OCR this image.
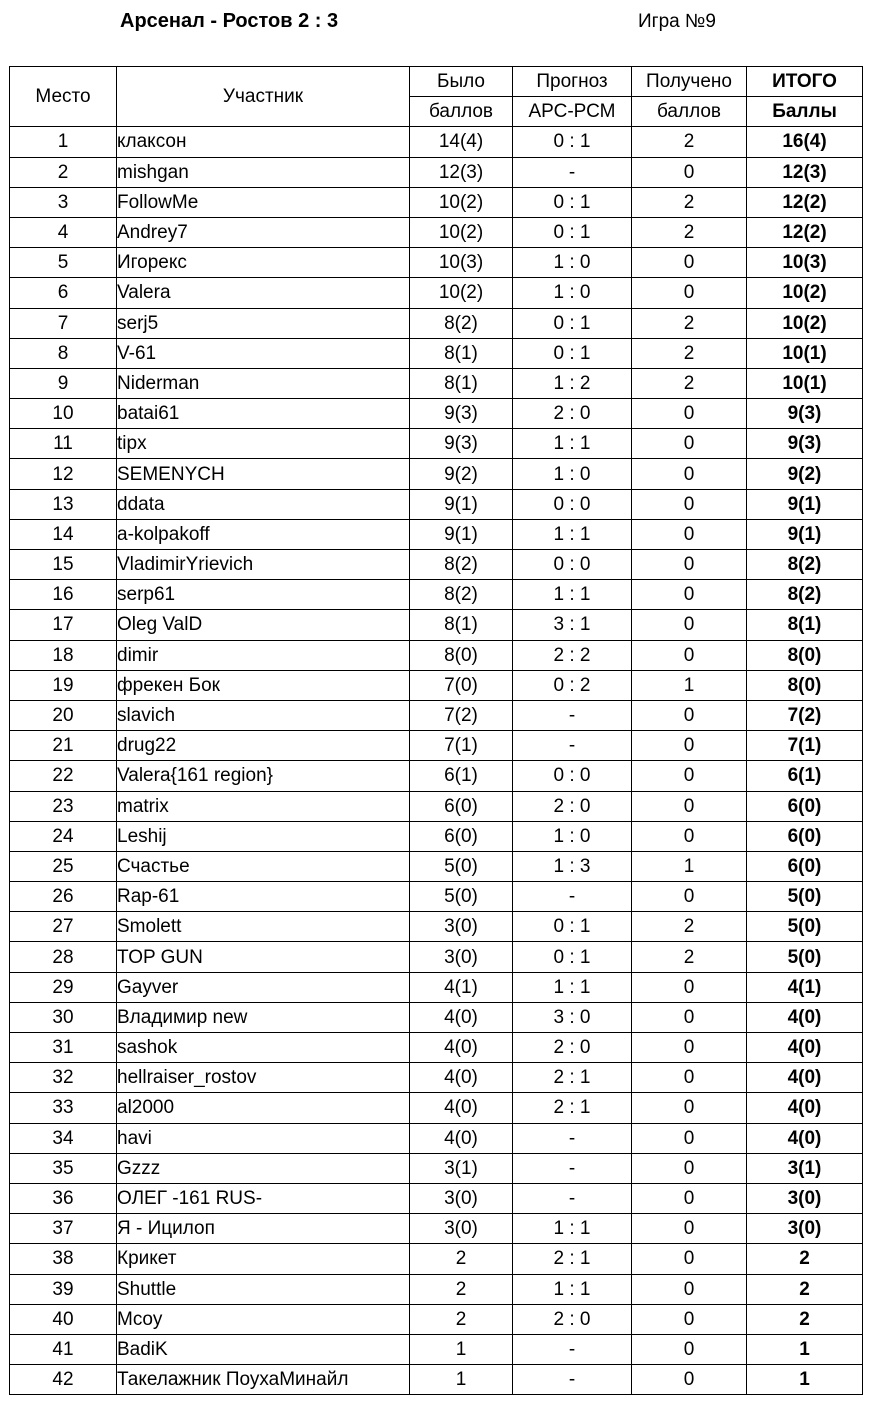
Арсенал - Ростов 2 : 3	Игра №9
Место	Участник	Было	Прогноз	Получено	ИТОГО
		баллов	АРС-РСМ	баллов	Баллы
1	клаксон	14(4)	0 : 1	2	16(4)
2	mishgan	12(3)	-	0	12(3)
3	FollowMe	10(2)	0 : 1	2	12(2)
4	Andrey7	10(2)	0 : 1	2	12(2)
5	Игорекс	10(3)	1 : 0	0	10(3)
6	Valera	10(2)	1 : 0	0	10(2)
7	serj5	8(2)	0 : 1	2	10(2)
8	V-61	8(1)	0 : 1	2	10(1)
9	Niderman	8(1)	1 : 2	2	10(1)
10	batai61	9(3)	2 : 0	0	9(3)
11	tipx	9(3)	1 : 1	0	9(3)
12	SEMENYCH	9(2)	1 : 0	0	9(2)
13	ddata	9(1)	0 : 0	0	9(1)
14	a-kolpakoff	9(1)	1 : 1	0	9(1)
15	VladimirYrievich	8(2)	0 : 0	0	8(2)
16	serp61	8(2)	1 : 1	0	8(2)
17	Oleg ValD	8(1)	3 : 1	0	8(1)
18	dimir	8(0)	2 : 2	0	8(0)
19	фрекен Бок	7(0)	0 : 2	1	8(0)
20	slavich	7(2)	-	0	7(2)
21	drug22	7(1)	-	0	7(1)
22	Valera{161 region}	6(1)	0 : 0	0	6(1)
23	matrix	6(0)	2 : 0	0	6(0)
24	Leshij	6(0)	1 : 0	0	6(0)
25	Счастье	5(0)	1 : 3	1	6(0)
26	Rap-61	5(0)	-	0	5(0)
27	Smolett	3(0)	0 : 1	2	5(0)
28	TOP GUN	3(0)	0 : 1	2	5(0)
29	Gayver	4(1)	1 : 1	0	4(1)
30	Владимир new	4(0)	3 : 0	0	4(0)
31	sashok	4(0)	2 : 0	0	4(0)
32	hellraiser_rostov	4(0)	2 : 1	0	4(0)
33	al2000	4(0)	2 : 1	0	4(0)
34	havi	4(0)	-	0	4(0)
35	Gzzz	3(1)	-	0	3(1)
36	ОЛЕГ -161 RUS-	3(0)	-	0	3(0)
37	Я - Ицилоп	3(0)	1 : 1	0	3(0)
38	Крикет	2	2 : 1	0	2
39	Shuttle	2	1 : 1	0	2
40	Mcoy	2	2 : 0	0	2
41	BadiK	1	-	0	1
42	Такелажник ПоухаМинайл	1	-	0	1
